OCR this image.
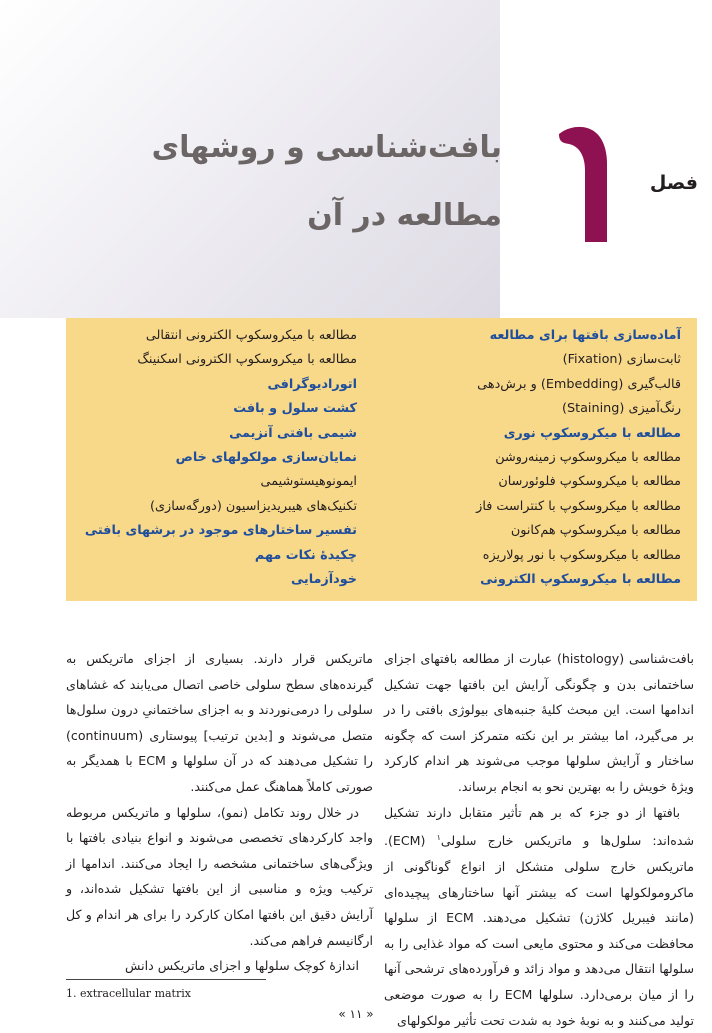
فصل
بافت‌شناسی و روشهای
مطالعه در آن
آماده‌سازی بافتها برای مطالعه
ثابت‌سازی (Fixation)
قالب‌گیری (Embedding) و برش‌دهی
رنگ‌آمیزی (Staining)
مطالعه با میکروسکوپ نوری
مطالعه با میکروسکوپ زمینه‌روشن
مطالعه با میکروسکوپ فلوئورسان
مطالعه با میکروسکوپ با کنتراست فاز
مطالعه با میکروسکوپ هم‌کانون
مطالعه با میکروسکوپ با نور پولاریزه
مطالعه با میکروسکوپ الکترونی
مطالعه با میکروسکوپ الکترونی انتقالی
مطالعه با میکروسکوپ الکترونی اسکنینگ
اتورادیوگرافی
کشت سلول و بافت
شیمی بافتی آنزیمی
نمایان‌سازی مولکولهای خاص
ایمونوهیستوشیمی
تکنیک‌های هیبریدیزاسیون (دورگه‌سازی)
تفسیر ساختارهای موجود در برشهای بافتی
چکیدهٔ نکات مهم
خودآزمایی

بافت‌شناسی (histology) عبارت از مطالعه بافتهای اجزای ساختمانی بدن و چگونگی آرایش این بافتها جهت تشکیل اندامها است. این مبحث کلیهٔ جنبه‌های بیولوژی بافتی را در بر می‌گیرد، اما بیشتر بر این نکته متمرکز است که چگونه ساختار و آرایش سلولها موجب می‌شوند هر اندام کارکرد ویژهٔ خویش را به بهترین نحو به انجام برساند.

بافتها از دو جزء که بر هم تأثیر متقابل دارند تشکیل شده‌اند: سلول‌ها و ماتریکس خارج سلولی$^۱$ (ECM). ماتریکس خارج سلولی متشکل از انواع گوناگونی از ماکرومولکولها است که بیشتر آنها ساختارهای پیچیده‌ای (مانند فیبریل کلاژن) تشکیل می‌دهند. ECM از سلولها محافظت می‌کند و محتوی مایعی است که مواد غذایی را به سلولها انتقال می‌دهد و مواد زائد و فرآورده‌های ترشحی آنها را از میان برمی‌دارد. سلولها ECM را به صورت موضعی تولید می‌کنند و به نوبهٔ خود به شدت تحت تأثیر مولکولهای

ماتریکس قرار دارند. بسیاری از اجزای ماتریکس به گیرنده‌های سطح سلولی خاصی اتصال می‌یابند که غشاهای سلولی را درمی‌نوردند و به اجزای ساختمانیِ درون سلول‌ها متصل می‌شوند و [بدین ترتیب] پیوستاری (continuum) را تشکیل می‌دهند که در آن سلولها و ECM با همدیگر به صورتی کاملاً هماهنگ عمل می‌کنند.

در خلال روند تکامل (نمو)، سلولها و ماتریکس مربوطه واجد کارکردهای تخصصی می‌شوند و انواع بنیادی بافتها با ویژگی‌های ساختمانی مشخصه را ایجاد می‌کنند. اندامها از ترکیب ویژه و مناسبی از این بافتها تشکیل شده‌اند، و آرایش دقیق این بافتها امکان کارکرد را برای هر اندام و کل ارگانیسم فراهم می‌کند.

اندازهٔ کوچک سلولها و اجزای ماتریکس دانش

1. extracellular matrix
« ۱۱ »
